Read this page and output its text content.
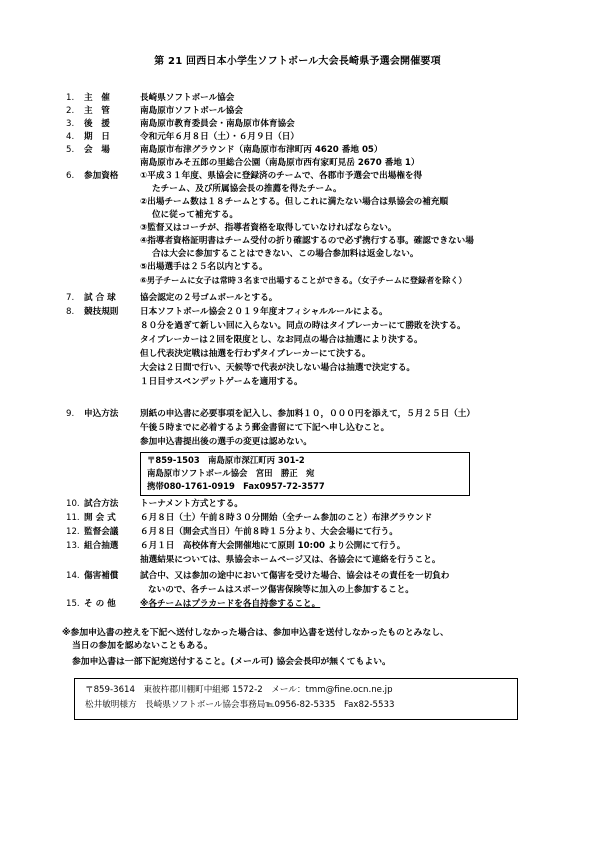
第 21 回西日本小学生ソフトボール大会長崎県予選会開催要項
1. 主　催	長崎県ソフトボール協会
2. 主　管	南島原市ソフトボール協会
3. 後　援	南島原市教育委員会・南島原市体育協会
4. 期　日	令和元年６月８日（土）・６月９日（日）
5. 会　場	南島原市布津グラウンド（南島原市布津町丙 4620 番地 05）
南島原市みそ五郎の里総合公園（南島原市西有家町見岳 2670 番地 1）
6. 参加資格	①平成３１年度、県協会に登録済のチームで、各郡市予選会で出場権を得
たチーム、及び所属協会長の推薦を得たチーム。
②出場チーム数は１８チームとする。但しこれに満たない場合は県協会の補充順
位に従って補充する。
③監督又はコーチが、指導者資格を取得していなければならない。
④指導者資格証明書はチーム受付の折り確認するので必ず携行する事。確認できない場
合は大会に参加することはできない、この場合参加料は返金しない。
⑤出場選手は２５名以内とする。
⑥男子チームに女子は常時３名まで出場することができる。（女子チームに登録者を除く）
7. 試 合 球	協会認定の２号ゴムボールとする。
8. 競技規則	日本ソフトボール協会２０１９年度オフィシャルルールによる。
８０分を過ぎて新しい回に入らない。同点の時はタイブレーカーにて勝敗を決する。
タイブレーカーは２回を限度とし、なお同点の場合は抽選により決する。
但し代表決定戦は抽選を行わずタイブレーカーにて決する。
大会は２日間で行い、天候等で代表が決しない場合は抽選で決定する。
１日目サスペンデットゲームを適用する。
9. 申込方法	別紙の申込書に必要事項を記入し、参加料１０，０００円を添えて，５月２５日（土）
午後５時までに必着するよう郵金書留にて下記へ申し込むこと。
参加申込書提出後の選手の変更は認めない。
〒859-1503　南島原市深江町丙 301-2
南島原市ソフトボール協会　宮田　勝正　宛
携帯080-1761-0919　Fax0957-72-3577
10. 試合方法	トーナメント方式とする。
11. 開 会 式	６月８日（土）午前８時３０分開始（全チーム参加のこと）布津グラウンド
12. 監督会議	６月８日（開会式当日）午前８時１５分より、大会会場にて行う。
13. 組合抽選	６月１日　高校体育大会開催地にて原則 10:00 より公開にて行う。
抽選結果については、県協会ホームページ又は、各協会にて連絡を行うこと。
14. 傷害補償	試合中、又は参加の途中において傷害を受けた場合、協会はその責任を一切負わ
ないので、各チームはスポーツ傷害保険等に加入の上参加すること。
15. そ の 他	※各チームはプラカードを各自持参すること。
※参加申込書の控えを下記へ送付しなかった場合は、参加申込書を送付しなかったものとみなし、
当日の参加を認めないこともある。
参加申込書は一部下記宛送付すること。(メール可) 協会会長印が無くてもよい。
〒859-3614　東彼杵郡川棚町中組郷 1572-2　メール：tmm@fine.ocn.ne.jp
松井敏明様方　長崎県ソフトボール協会事務局℡0956-82-5335　Fax82-5533
